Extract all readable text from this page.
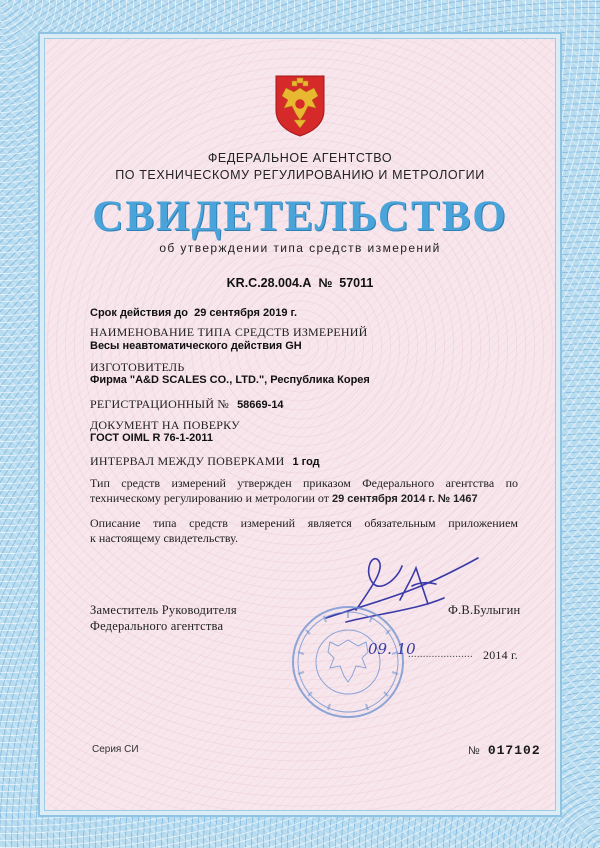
ФЕДЕРАЛЬНОЕ АГЕНТСТВО
ПО ТЕХНИЧЕСКОМУ РЕГУЛИРОВАНИЮ И МЕТРОЛОГИИ
СВИДЕТЕЛЬСТВО
об утверждении типа средств измерений
KR.C.28.004.A № 57011
Срок действия до 29 сентября 2019 г.
НАИМЕНОВАНИЕ ТИПА СРЕДСТВ ИЗМЕРЕНИЙ
Весы неавтоматического действия GH
ИЗГОТОВИТЕЛЬ
Фирма "A&D SCALES CO., LTD.", Республика Корея
РЕГИСТРАЦИОННЫЙ № 58669-14
ДОКУМЕНТ НА ПОВЕРКУ
ГОСТ OIML R 76-1-2011
ИНТЕРВАЛ МЕЖДУ ПОВЕРКАМИ 1 год
Тип средств измерений утвержден приказом Федерального агентства по
техническому регулированию и метрологии от 29 сентября 2014 г. № 1467
Описание типа средств измерений является обязательным приложением
к настоящему свидетельству.
Заместитель Руководителя
Федерального агентства
Ф.В.Булыгин
09. 10
...................... 2014 г.
Серия СИ	№ 017102
